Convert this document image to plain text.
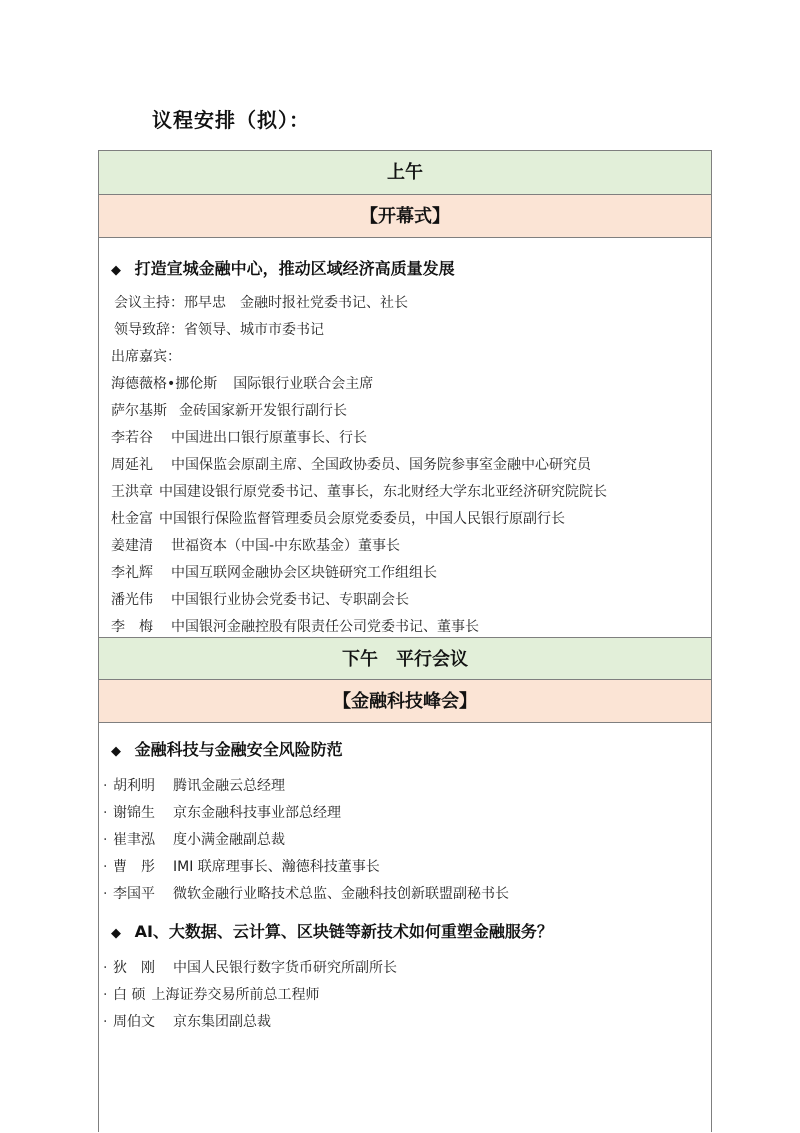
议程安排（拟）：
上午
【开幕式】
◆ 打造宣城金融中心，推动区域经济高质量发展
会议主持：邢早忠　金融时报社党委书记、社长
领导致辞：省领导、城市市委书记
出席嘉宾：
海德薇格•挪伦斯 国际银行业联合会主席
萨尔基斯 金砖国家新开发银行副行长
李若谷 中国进出口银行原董事长、行长
周延礼 中国保监会原副主席、全国政协委员、国务院参事室金融中心研究员
王洪章 中国建设银行原党委书记、董事长，东北财经大学东北亚经济研究院院长
杜金富 中国银行保险监督管理委员会原党委委员，中国人民银行原副行长
姜建清 世福资本（中国-中东欧基金）董事长
李礼辉 中国互联网金融协会区块链研究工作组组长
潘光伟 中国银行业协会党委书记、专职副会长
李　梅 中国银河金融控股有限责任公司党委书记、董事长
下午　平行会议
【金融科技峰会】
◆ 金融科技与金融安全风险防范
· 胡利明 腾讯金融云总经理
· 谢锦生 京东金融科技事业部总经理
· 崔聿泓 度小满金融副总裁
· 曹　彤 IMI 联席理事长、瀚德科技董事长
· 李国平 微软金融行业略技术总监、金融科技创新联盟副秘书长
◆ AI、大数据、云计算、区块链等新技术如何重塑金融服务？
· 狄　刚 中国人民银行数字货币研究所副所长
· 白 硕 上海证券交易所前总工程师
· 周伯文 京东集团副总裁
